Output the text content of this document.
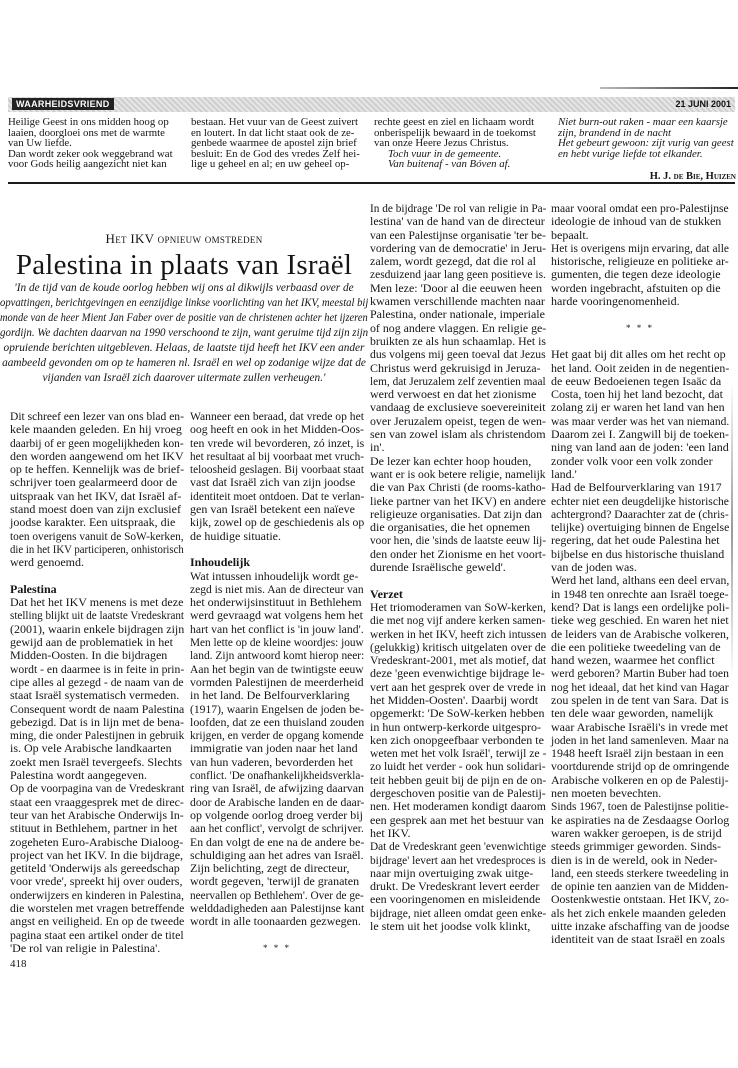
WAARHEIDSVRIEND	21 JUNI 2001
Heilige Geest in ons midden hoog op
laaien, doorgloei ons met de warmte
van Uw liefde.
Dan wordt zeker ook weggebrand wat
voor Gods heilig aangezicht niet kan
bestaan. Het vuur van de Geest zuivert
en loutert. In dat licht staat ook de ze-
genbede waarmee de apostel zijn brief
besluit: En de God des vredes Zelf hei-
lige u geheel en al; en uw geheel op-
rechte geest en ziel en lichaam wordt
onberispelijk bewaard in de toekomst
van onze Heere Jezus Christus.
Toch vuur in de gemeente.
Van buitenaf - van Bóven af.
Niet burn-out raken - maar een kaarsje
zijn, brandend in de nacht
Het gebeurt gewoon: zijt vurig van geest
en hebt vurige liefde tot elkander.
H. J. de Bie, Huizen
Het IKV opnieuw omstreden
Palestina in plaats van Israël
'In de tijd van de koude oorlog hebben wij ons al dikwijls verbaasd over de
opvattingen, berichtgevingen en eenzijdige linkse voorlichting van het IKV, meestal bij
monde van de heer Mient Jan Faber over de positie van de christenen achter het ijzeren
gordijn. We dachten daarvan na 1990 verschoond te zijn, want geruime tijd zijn zijn
opruiende berichten uitgebleven. Helaas, de laatste tijd heeft het IKV een ander
aambeeld gevonden om op te hameren nl. Israël en wel op zodanige wijze dat de
vijanden van Israël zich daarover uitermate zullen verheugen.'
Dit schreef een lezer van ons blad en-
kele maanden geleden. En hij vroeg
daarbij of er geen mogelijkheden kon-
den worden aangewend om het IKV
op te heffen. Kennelijk was de brief-
schrijver toen gealarmeerd door de
uitspraak van het IKV, dat Israël af-
stand moest doen van zijn exclusief
joodse karakter. Een uitspraak, die
toen overigens vanuit de SoW-kerken,
die in het IKV participeren, onhistorisch
werd genoemd.
Palestina
Dat het het IKV menens is met deze
stelling blijkt uit de laatste Vredeskrant
(2001), waarin enkele bijdragen zijn
gewijd aan de problematiek in het
Midden-Oosten. In die bijdragen
wordt - en daarmee is in feite in prin-
cipe alles al gezegd - de naam van de
staat Israël systematisch vermeden.
Consequent wordt de naam Palestina
gebezigd. Dat is in lijn met de bena-
ming, die onder Palestijnen in gebruik
is. Op vele Arabische landkaarten
zoekt men Israël tevergeefs. Slechts
Palestina wordt aangegeven.
Op de voorpagina van de Vredeskrant
staat een vraaggesprek met de direc-
teur van het Arabische Onderwijs In-
stituut in Bethlehem, partner in het
zogeheten Euro-Arabische Dialoog-
project van het IKV. In die bijdrage,
getiteld 'Onderwijs als gereedschap
voor vrede', spreekt hij over ouders,
onderwijzers en kinderen in Palestina,
die worstelen met vragen betreffende
angst en veiligheid. En op de tweede
pagina staat een artikel onder de titel
'De rol van religie in Palestina'.
Wanneer een beraad, dat vrede op het
oog heeft en ook in het Midden-Oos-
ten vrede wil bevorderen, zó inzet, is
het resultaat al bij voorbaat met vruch-
teloosheid geslagen. Bij voorbaat staat
vast dat Israël zich van zijn joodse
identiteit moet ontdoen. Dat te verlan-
gen van Israël betekent een naïeve
kijk, zowel op de geschiedenis als op
de huidige situatie.
Inhoudelijk
Wat intussen inhoudelijk wordt ge-
zegd is niet mis. Aan de directeur van
het onderwijsinstituut in Bethlehem
werd gevraagd wat volgens hem het
hart van het conflict is 'in jouw land'.
Men lette op de kleine woordjes: jouw
land. Zijn antwoord komt hierop neer:
Aan het begin van de twintigste eeuw
vormden Palestijnen de meerderheid
in het land. De Belfourverklaring
(1917), waarin Engelsen de joden be-
loofden, dat ze een thuisland zouden
krijgen, en verder de opgang komende
immigratie van joden naar het land
van hun vaderen, bevorderden het
conflict. 'De onafhankelijkheidsverkla-
ring van Israël, de afwijzing daarvan
door de Arabische landen en de daar-
op volgende oorlog droeg verder bij
aan het conflict', vervolgt de schrijver.
En dan volgt de ene na de andere be-
schuldiging aan het adres van Israël.
Zijn belichting, zegt de directeur,
wordt gegeven, 'terwijl de granaten
neervallen op Bethlehem'. Over de ge-
welddadigheden aan Palestijnse kant
wordt in alle toonaarden gezwegen.
* * *
In de bijdrage 'De rol van religie in Pa-
lestina' van de hand van de directeur
van een Palestijnse organisatie 'ter be-
vordering van de democratie' in Jeru-
zalem, wordt gezegd, dat die rol al
zesduizend jaar lang geen positieve is.
Men leze: 'Door al die eeuwen heen
kwamen verschillende machten naar
Palestina, onder nationale, imperiale
of nog andere vlaggen. En religie ge-
bruikten ze als hun schaamlap. Het is
dus volgens mij geen toeval dat Jezus
Christus werd gekruisigd in Jeruza-
lem, dat Jeruzalem zelf zeventien maal
werd verwoest en dat het zionisme
vandaag de exclusieve soevereiniteit
over Jeruzalem opeist, tegen de wen-
sen van zowel islam als christendom
in'.
De lezer kan echter hoop houden,
want er is ook betere religie, namelijk
die van Pax Christi (de rooms-katho-
lieke partner van het IKV) en andere
religieuze organisaties. Dat zijn dan
die organisaties, die het opnemen
voor hen, die 'sinds de laatste eeuw lij-
den onder het Zionisme en het voort-
durende Israëlische geweld'.
Verzet
Het triomoderamen van SoW-kerken,
die met nog vijf andere kerken samen-
werken in het IKV, heeft zich intussen
(gelukkig) kritisch uitgelaten over de
Vredeskrant-2001, met als motief, dat
deze 'geen evenwichtige bijdrage le-
vert aan het gesprek over de vrede in
het Midden-Oosten'. Daarbij wordt
opgemerkt: 'De SoW-kerken hebben
in hun ontwerp-kerkorde uitgespro-
ken zich onopgeefbaar verbonden te
weten met het volk Israël', terwijl ze -
zo luidt het verder - ook hun solidari-
teit hebben geuit bij de pijn en de on-
dergeschoven positie van de Palestij-
nen. Het moderamen kondigt daarom
een gesprek aan met het bestuur van
het IKV.
Dat de Vredeskrant geen 'evenwichtige
bijdrage' levert aan het vredesproces is
naar mijn overtuiging zwak uitge-
drukt. De Vredeskrant levert eerder
een vooringenomen en misleidende
bijdrage, niet alleen omdat geen enke-
le stem uit het joodse volk klinkt,
maar vooral omdat een pro-Palestijnse
ideologie de inhoud van de stukken
bepaalt.
Het is overigens mijn ervaring, dat alle
historische, religieuze en politieke ar-
gumenten, die tegen deze ideologie
worden ingebracht, afstuiten op die
harde vooringenomenheid.
* * *
Het gaat bij dit alles om het recht op
het land. Ooit zeiden in de negentien-
de eeuw Bedoeienen tegen Isaäc da
Costa, toen hij het land bezocht, dat
zolang zij er waren het land van hen
was maar verder was het van niemand.
Daarom zei I. Zangwill bij de toeken-
ning van land aan de joden: 'een land
zonder volk voor een volk zonder
land.'
Had de Belfourverklaring van 1917
echter niet een deugdelijke historische
achtergrond? Daarachter zat de (chris-
telijke) overtuiging binnen de Engelse
regering, dat het oude Palestina het
bijbelse en dus historische thuisland
van de joden was.
Werd het land, althans een deel ervan,
in 1948 ten onrechte aan Israël toege-
kend? Dat is langs een ordelijke poli-
tieke weg geschied. En waren het niet
de leiders van de Arabische volkeren,
die een politieke tweedeling van de
hand wezen, waarmee het conflict
werd geboren? Martin Buber had toen
nog het ideaal, dat het kind van Hagar
zou spelen in de tent van Sara. Dat is
ten dele waar geworden, namelijk
waar Arabische Israëli's in vrede met
joden in het land samenleven. Maar na
1948 heeft Israël zijn bestaan in een
voortdurende strijd op de omringende
Arabische volkeren en op de Palestij-
nen moeten bevechten.
Sinds 1967, toen de Palestijnse politie-
ke aspiraties na de Zesdaagse Oorlog
waren wakker geroepen, is de strijd
steeds grimmiger geworden. Sinds-
dien is in de wereld, ook in Neder-
land, een steeds sterkere tweedeling in
de opinie ten aanzien van de Midden-
Oostenkwestie ontstaan. Het IKV, zo-
als het zich enkele maanden geleden
uitte inzake afschaffing van de joodse
identiteit van de staat Israël en zoals
418
